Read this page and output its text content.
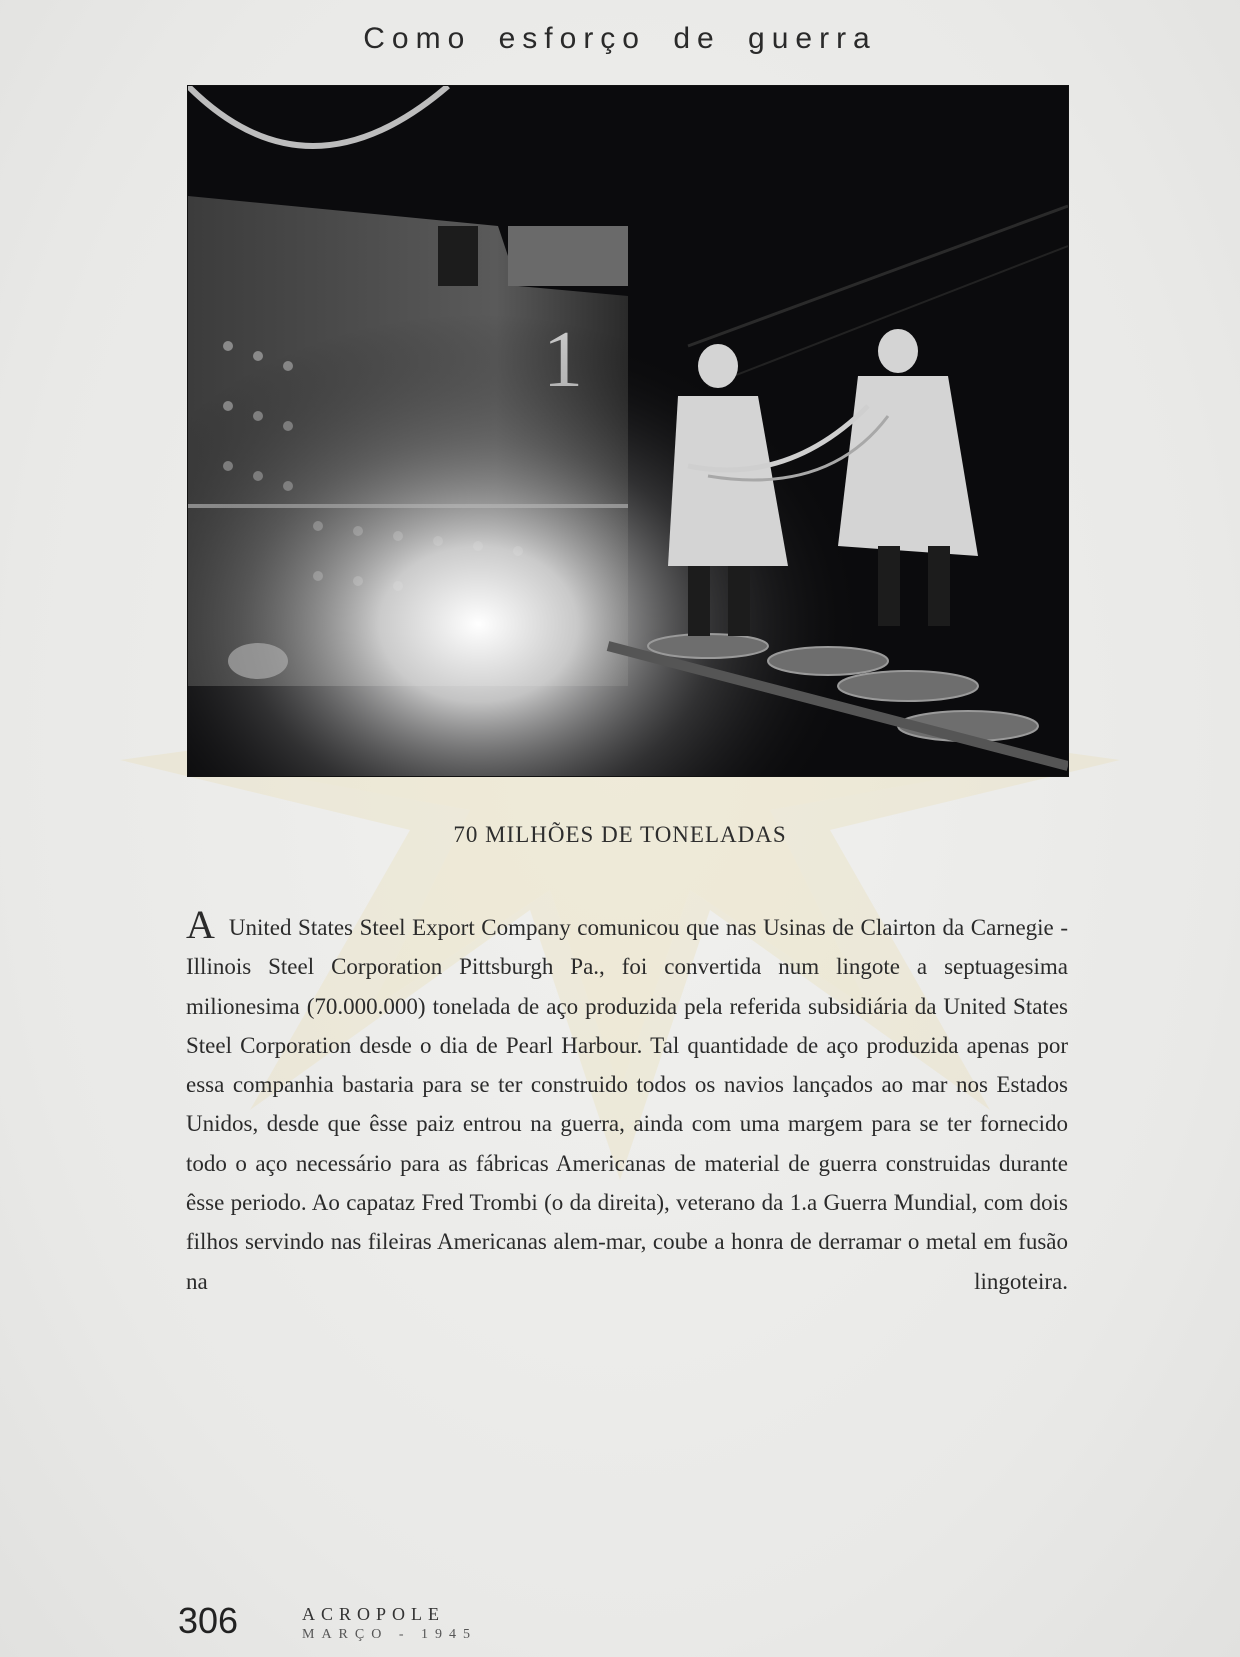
Como esforço de guerra
70 MILHÕES DE TONELADAS
A United States Steel Export Company comunicou que nas Usinas de Clairton da Carnegie - Illinois Steel Corporation Pittsburgh Pa., foi convertida num lingote a septuagesima milionesima (70.000.000) tonelada de aço produzida pela referida subsidiária da United States Steel Corporation desde o dia de Pearl Harbour. Tal quantidade de aço produzida apenas por essa companhia bastaria para se ter construido todos os navios lançados ao mar nos Estados Unidos, desde que êsse paiz entrou na guerra, ainda com uma margem para se ter fornecido todo o aço necessário para as fábricas Americanas de material de guerra construidas durante êsse periodo. Ao capataz Fred Trombi (o da direita), veterano da 1.a Guerra Mundial, com dois filhos servindo nas fileiras Americanas alem-mar, coube a honra de derramar o metal em fusão na lingoteira.
306	ACROPOLE
MARÇO - 1945
